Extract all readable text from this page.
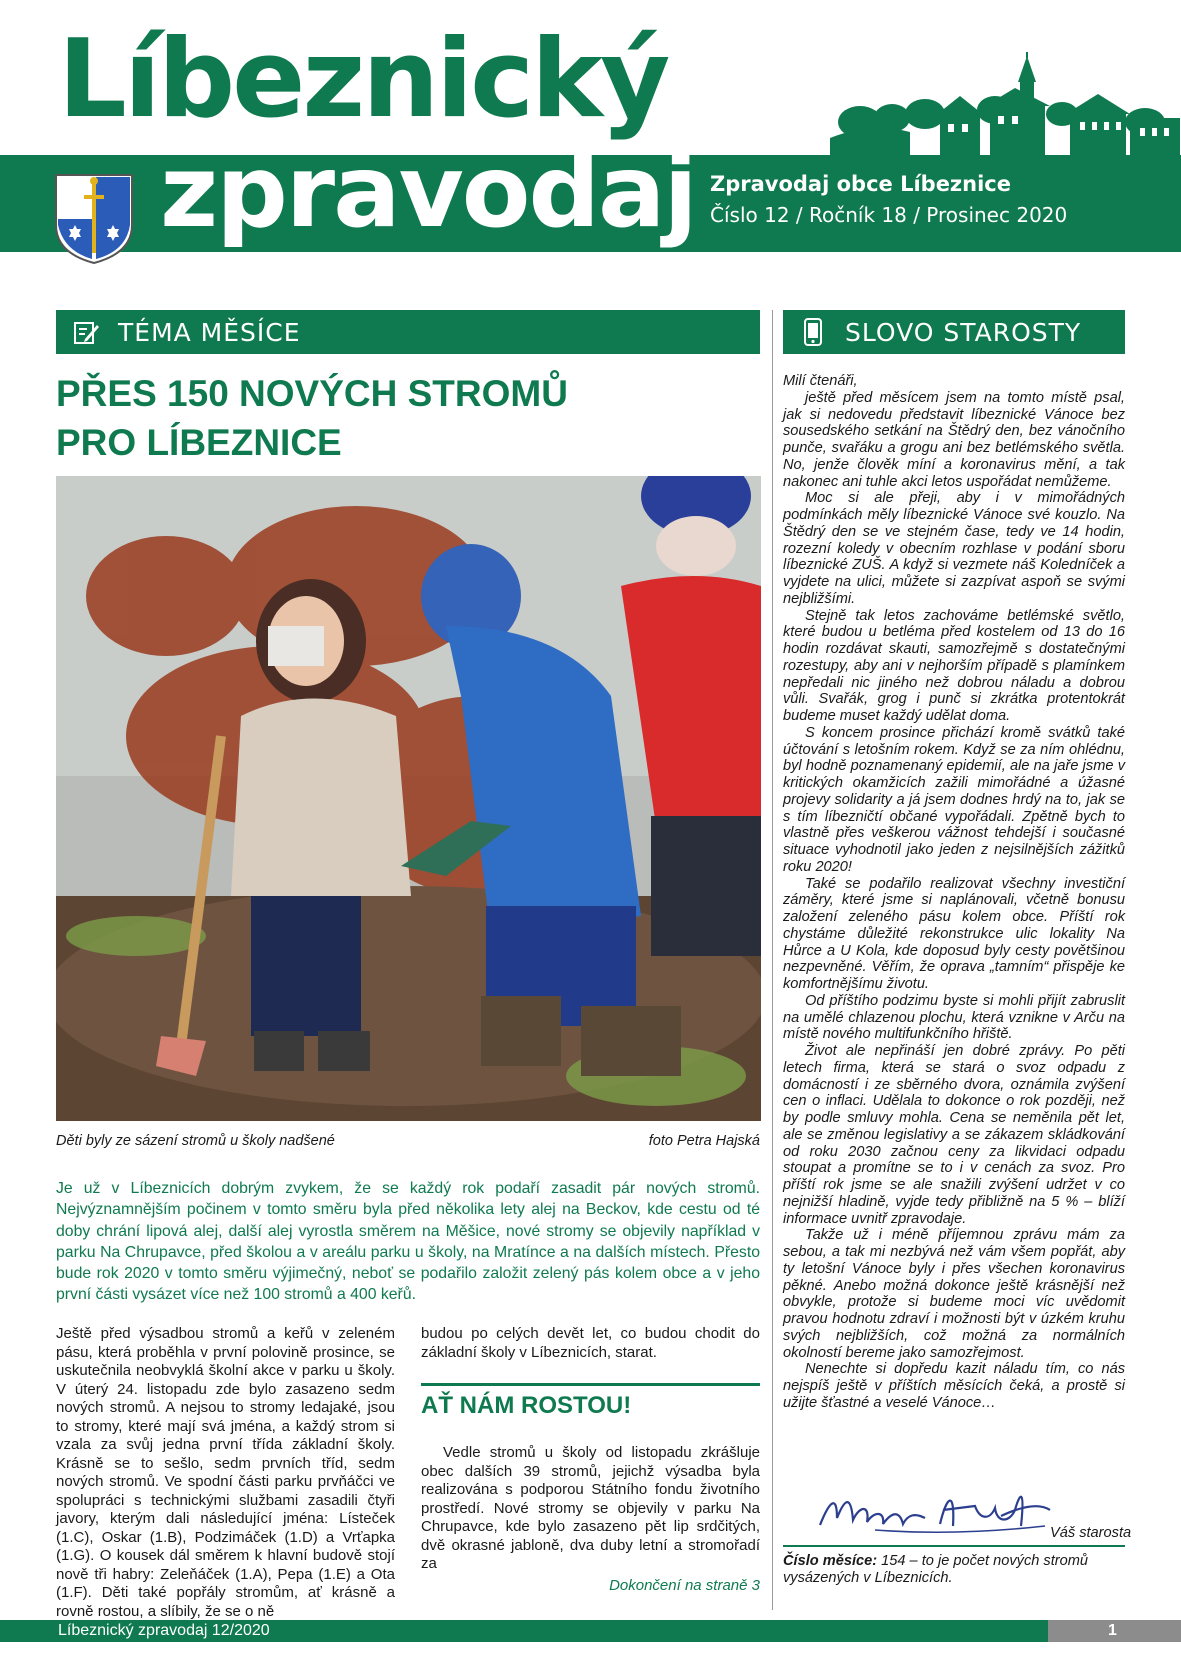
Líbeznický
zpravodaj Zpravodaj obce Líbeznice
Číslo 12 / Ročník 18 / Prosinec 2020
TÉMA MĚSÍCE
PŘES 150 NOVÝCH STROMŮ
PRO LÍBEZNICE
Děti byly ze sázení stromů u školy nadšené	foto Petra Hajská
Je už v Líbeznicích dobrým zvykem, že se každý rok podaří zasadit pár nových stromů. Nejvýznamnějším počinem v tomto směru byla před několika lety alej na Beckov, kde cestu od té doby chrání lipová alej, další alej vyrostla směrem na Měšice, nové stromy se objevily například v parku Na Chrupavce, před školou a v areálu parku u školy, na Mratínce a na dalších místech. Přesto bude rok 2020 v tomto směru výjimečný, neboť se podařilo založit zelený pás kolem obce a v jeho první části vysázet více než 100 stromů a 400 keřů.
Ještě před výsadbou stromů a keřů v zeleném pásu, která proběhla v první polovině prosince, se uskutečnila neobvyklá školní akce v parku u školy. V úterý 24. listopadu zde bylo zasazeno sedm nových stromů. A nejsou to stromy ledajaké, jsou to stromy, které mají svá jména, a každý strom si vzala za svůj jedna první třída základní školy. Krásně se to sešlo, sedm prvních tříd, sedm nových stromů. Ve spodní části parku prvňáčci ve spolupráci s technickými službami zasadili čtyři javory, kterým dali následující jména: Lísteček (1.C), Oskar (1.B), Podzimáček (1.D) a Vrťapka (1.G). O kousek dál směrem k hlavní budově stojí nově tři habry: Zeleňáček (1.A), Pepa (1.E) a Ota (1.F). Děti také popřály stromům, ať krásně a rovně rostou, a slíbily, že se o ně
budou po celých devět let, co budou chodit do základní školy v Líbeznicích, starat.
AŤ NÁM ROSTOU!
Vedle stromů u školy od listopadu zkrášluje obec dalších 39 stromů, jejichž výsadba byla realizována s podporou Státního fondu životního prostředí. Nové stromy se objevily v parku Na Chrupavce, kde bylo zasazeno pět lip srdčitých, dvě okrasné jabloně, dva duby letní a stromořadí za
Dokončení na straně 3
SLOVO STAROSTY

Milí čtenáři,

ještě před měsícem jsem na tomto místě psal, jak si nedovedu představit líbeznické Vánoce bez sousedského setkání na Štědrý den, bez vánočního punče, svařáku a grogu ani bez betlémského světla. No, jenže člověk míní a koronavirus mění, a tak nakonec ani tuhle akci letos uspořádat nemůžeme.

Moc si ale přeji, aby i v mimořádných podmínkách měly líbeznické Vánoce své kouzlo. Na Štědrý den se ve stejném čase, tedy ve 14 hodin, rozezní koledy v obecním rozhlase v podání sboru líbeznické ZUŠ. A když si vezmete náš Koledníček a vyjdete na ulici, můžete si zazpívat aspoň se svými nejbližšími.

Stejně tak letos zachováme betlémské světlo, které budou u betléma před kostelem od 13 do 16 hodin rozdávat skauti, samozřejmě s dostatečnými rozestupy, aby ani v nejhorším případě s plamínkem nepředali nic jiného než dobrou náladu a dobrou vůli. Svařák, grog i punč si zkrátka protentokrát budeme muset každý udělat doma.

S koncem prosince přichází kromě svátků také účtování s letošním rokem. Když se za ním ohlédnu, byl hodně poznamenaný epidemií, ale na jaře jsme v kritických okamžicích zažili mimořádné a úžasné projevy solidarity a já jsem dodnes hrdý na to, jak se s tím líbezničtí občané vypořádali. Zpětně bych to vlastně přes veškerou vážnost tehdejší i současné situace vyhodnotil jako jeden z nejsilnějších zážitků roku 2020!

Také se podařilo realizovat všechny investiční záměry, které jsme si naplánovali, včetně bonusu založení zeleného pásu kolem obce. Příští rok chystáme důležité rekonstrukce ulic lokality Na Hůrce a U Kola, kde doposud byly cesty povětšinou nezpevněné. Věřím, že oprava „tamním“ přispěje ke komfortnějšímu životu.

Od příštího podzimu byste si mohli přijít zabruslit na umělé chlazenou plochu, která vznikne v Arču na místě nového multifunkčního hřiště.

Život ale nepřináší jen dobré zprávy. Po pěti letech firma, která se stará o svoz odpadu z domácností i ze sběrného dvora, oznámila zvýšení cen o inflaci. Udělala to dokonce o rok později, než by podle smluvy mohla. Cena se neměnila pět let, ale se změnou legislativy a se zákazem skládkování od roku 2030 začnou ceny za likvidaci odpadu stoupat a promítne se to i v cenách za svoz. Pro příští rok jsme se ale snažili zvýšení udržet v co nejnižší hladině, vyjde tedy přibližně na 5 % – blíží informace uvnitř zpravodaje.

Takže už i méně příjemnou zprávu mám za sebou, a tak mi nezbývá než vám všem popřát, aby ty letošní Vánoce byly i přes všechen koronavirus pěkné. Anebo možná dokonce ještě krásnější než obvykle, protože si budeme moci víc uvědomit pravou hodnotu zdraví i možnosti být v úzkém kruhu svých nejbližších, což možná za normálních okolností bereme jako samozřejmost.

Nenechte si dopředu kazit náladu tím, co nás nejspíš ještě v příštích měsících čeká, a prostě si užijte šťastné a veselé Vánoce…

Váš starosta
Číslo měsíce: 154 – to je počet nových stromů vysázených v Líbeznicích.
Líbeznický zpravodaj 12/2020	1
